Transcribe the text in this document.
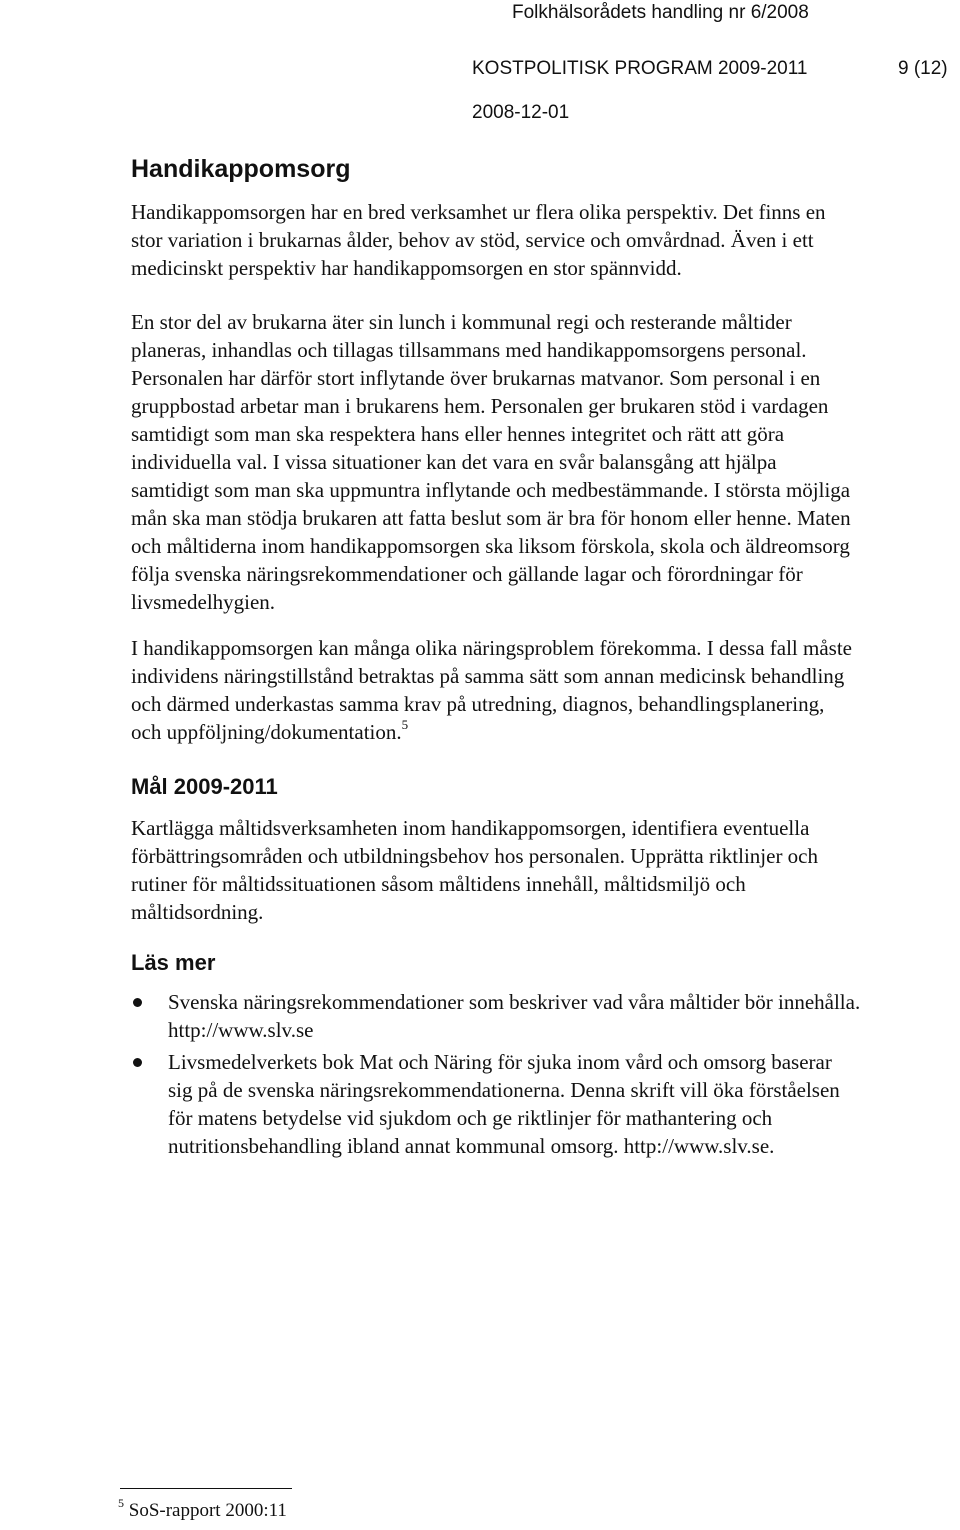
Folkhälsorådets handling nr 6/2008
KOSTPOLITISK PROGRAM 2009-2011	9 (12)
2008-12-01
Handikappomsorg

Handikappomsorgen har en bred verksamhet ur flera olika perspektiv. Det finns en
stor variation i brukarnas ålder, behov av stöd, service och omvårdnad. Även i ett
medicinskt perspektiv har handikappomsorgen en stor spännvidd.

En stor del av brukarna äter sin lunch i kommunal regi och resterande måltider
planeras, inhandlas och tillagas tillsammans med handikappomsorgens personal.
Personalen har därför stort inflytande över brukarnas matvanor. Som personal i en
gruppbostad arbetar man i brukarens hem. Personalen ger brukaren stöd i vardagen
samtidigt som man ska respektera hans eller hennes integritet och rätt att göra
individuella val. I vissa situationer kan det vara en svår balansgång att hjälpa
samtidigt som man ska uppmuntra inflytande och medbestämmande. I största möjliga
mån ska man stödja brukaren att fatta beslut som är bra för honom eller henne. Maten
och måltiderna inom handikappomsorgen ska liksom förskola, skola och äldreomsorg
följa svenska näringsrekommendationer och gällande lagar och förordningar för
livsmedelhygien.

I handikappomsorgen kan många olika näringsproblem förekomma. I dessa fall måste
individens näringstillstånd betraktas på samma sätt som annan medicinsk behandling
och därmed underkastas samma krav på utredning, diagnos, behandlingsplanering,
och uppföljning/dokumentation.$^5$

Mål 2009-2011

Kartlägga måltidsverksamheten inom handikappomsorgen, identifiera eventuella
förbättringsområden och utbildningsbehov hos personalen. Upprätta riktlinjer och
rutiner för måltidssituationen såsom måltidens innehåll, måltidsmiljö och
måltidsordning.

Läs mer
Svenska näringsrekommendationer som beskriver vad våra måltider bör innehålla.
http://www.slv.se
Livsmedelverkets bok Mat och Näring för sjuka inom vård och omsorg baserar
sig på de svenska näringsrekommendationerna. Denna skrift vill öka förståelsen
för matens betydelse vid sjukdom och ge riktlinjer för mathantering och
nutritionsbehandling ibland annat kommunal omsorg. http://www.slv.se.
$^5$ SoS-rapport 2000:11
